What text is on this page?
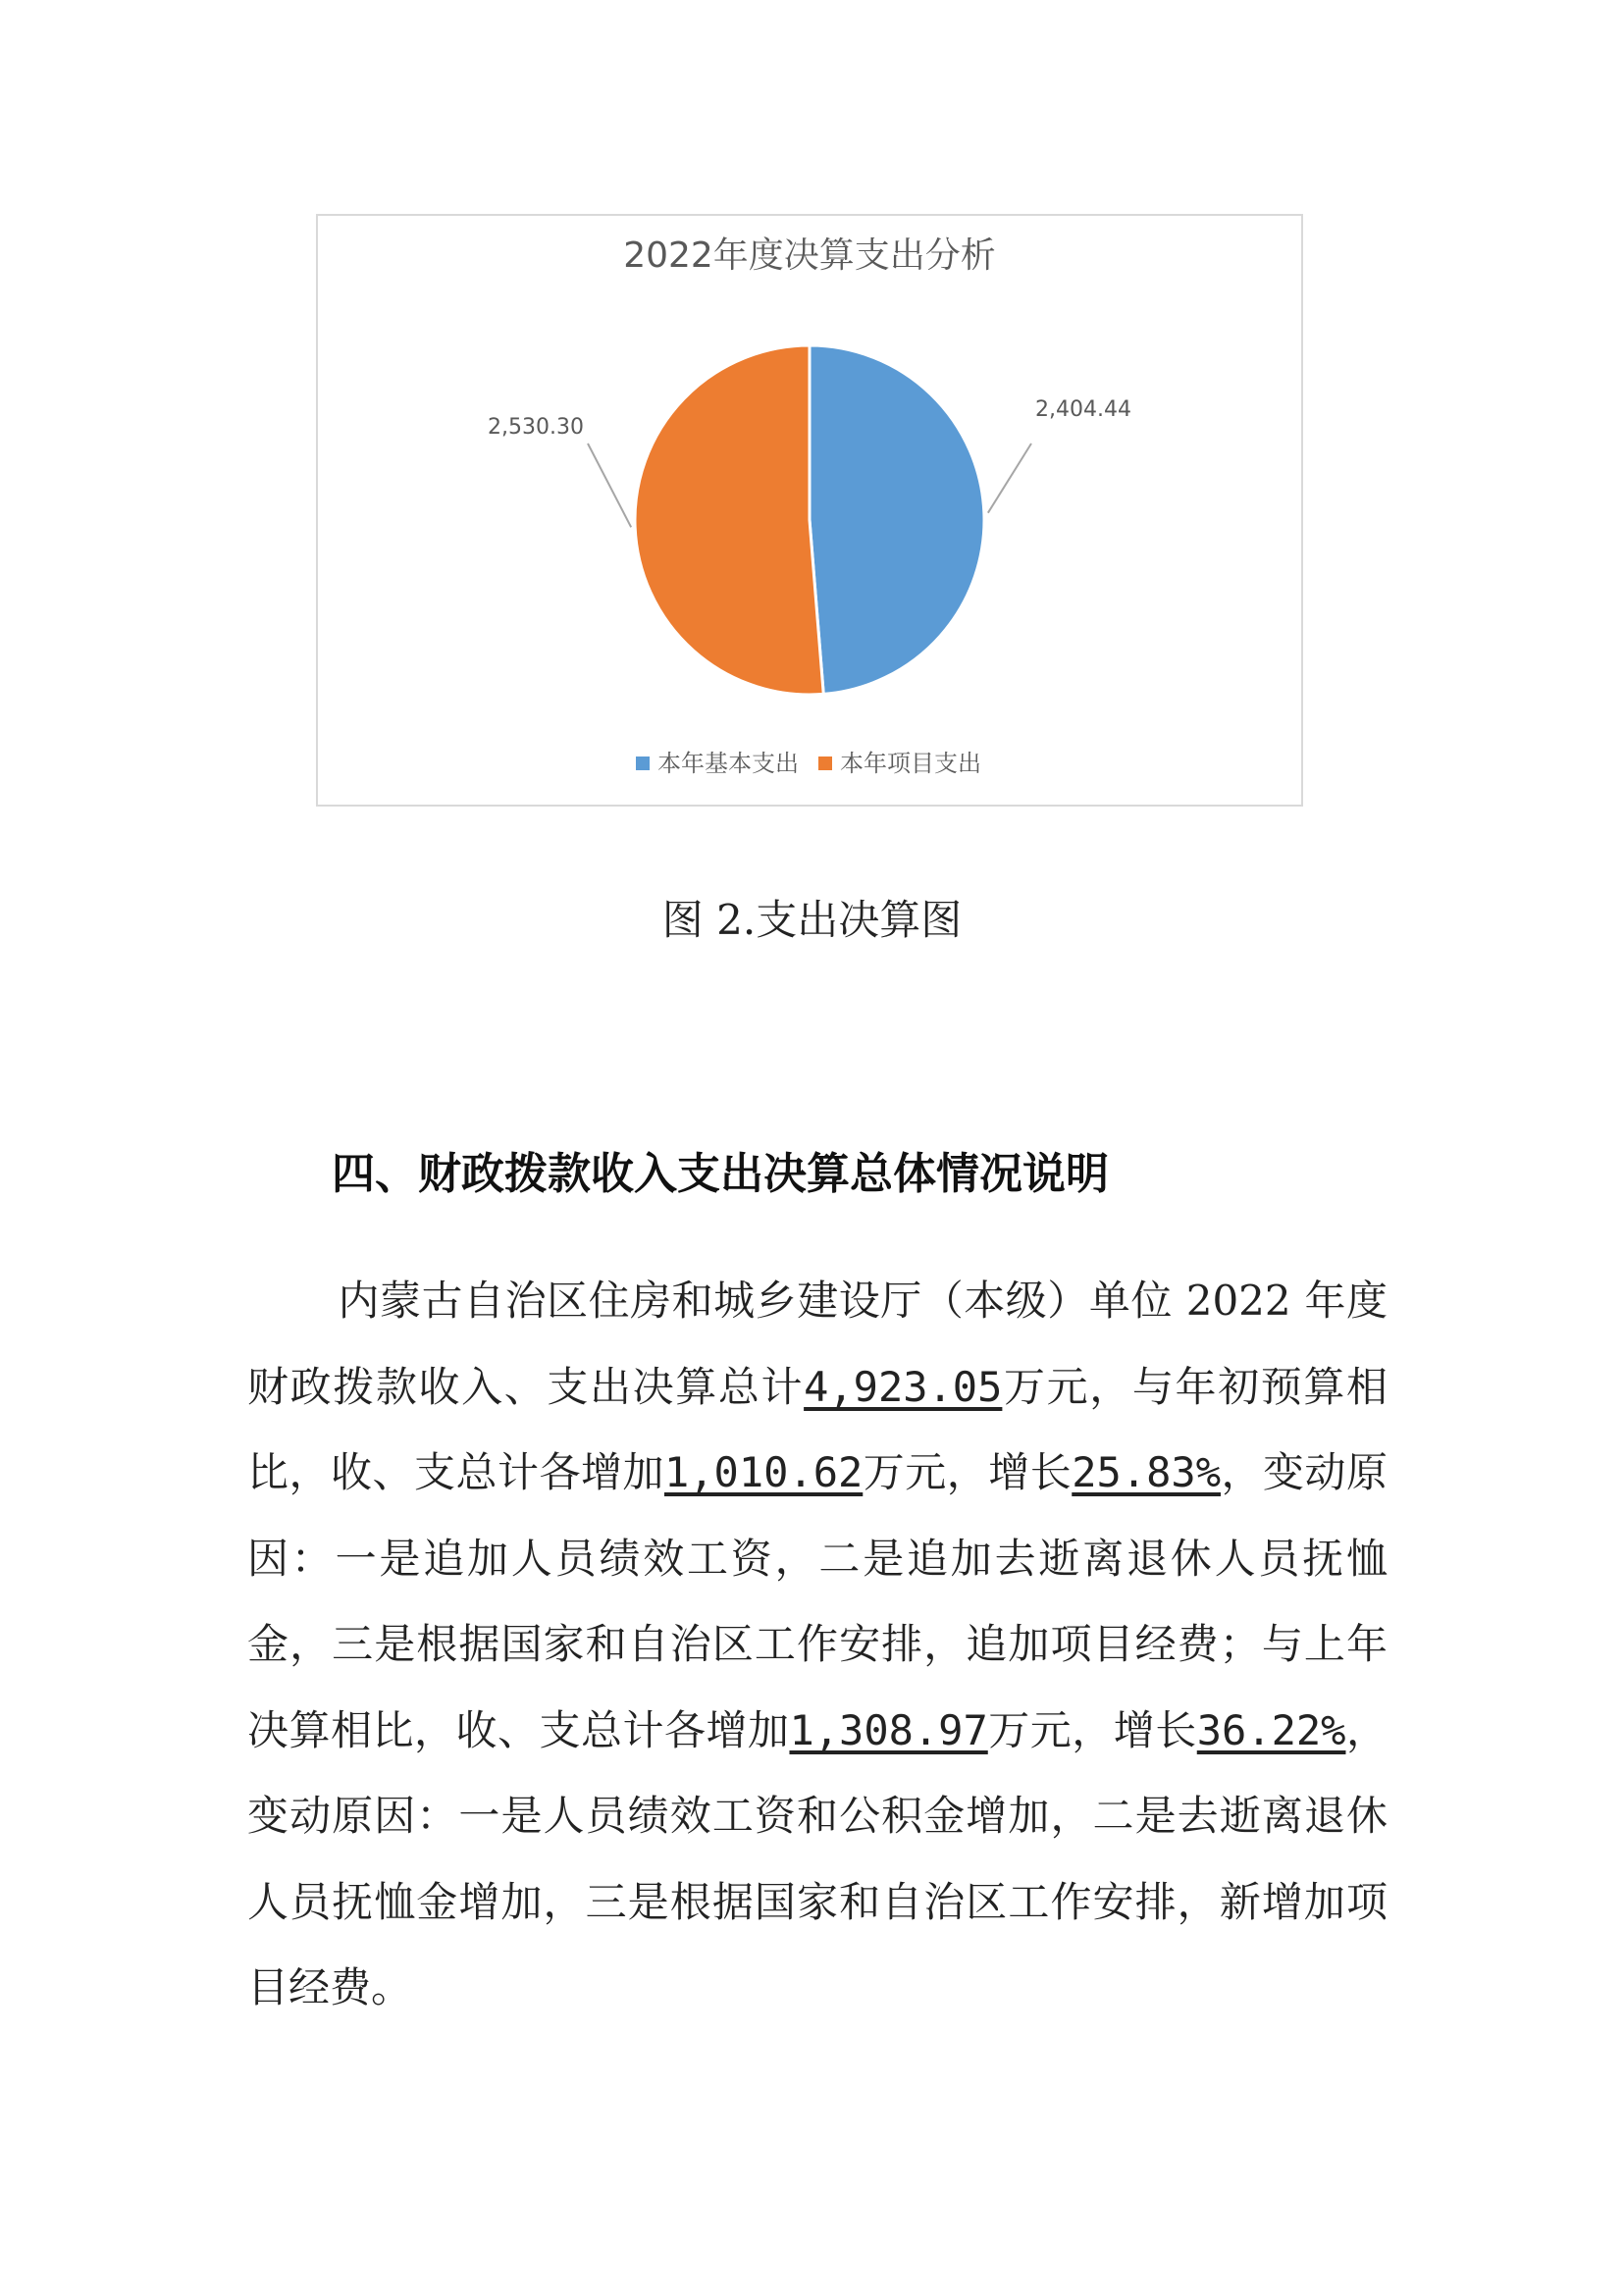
2022年度决算支出分析
2,404.44
2,530.30
本年基本支出 本年项目支出
图 2.支出决算图
四、财政拨款收入支出决算总体情况说明
内蒙古自治区住房和城乡建设厅（本级）单位 2022 年度财政拨款收入、支出决算总计4,923.05万元，与年初预算相比，收、支总计各增加1,010.62万元，增长25.83%，变动原因：一是追加人员绩效工资，二是追加去逝离退休人员抚恤金，三是根据国家和自治区工作安排，追加项目经费；与上年决算相比，收、支总计各增加1,308.97万元，增长36.22%，变动原因：一是人员绩效工资和公积金增加，二是去逝离退休人员抚恤金增加，三是根据国家和自治区工作安排，新增加项目经费。
